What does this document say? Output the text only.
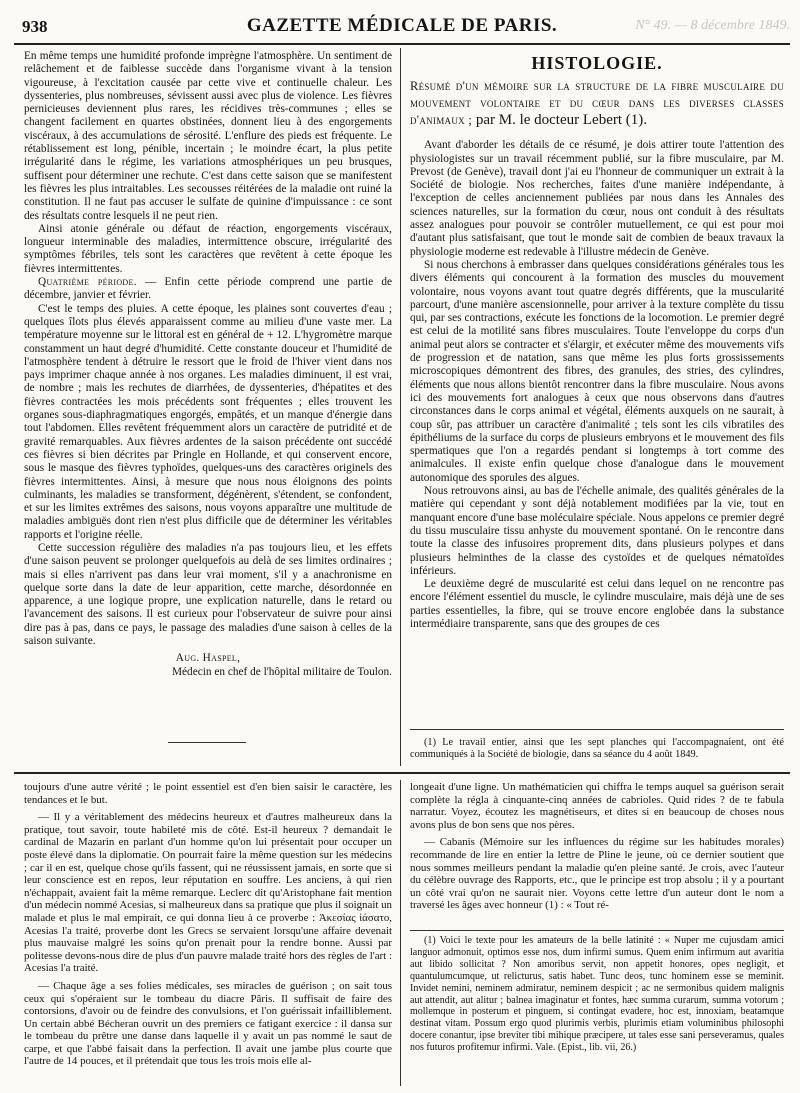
N° 49. — 8 décembre 1849.
938	GAZETTE MÉDICALE DE PARIS.

En même temps une humidité profonde imprègne l'atmosphère. Un sentiment de relâchement et de faiblesse succède dans l'organisme vivant à la tension vigoureuse, à l'excitation causée par cette vive et continuelle chaleur. Les dyssenteries, plus nombreuses, sévissent aussi avec plus de violence. Les fièvres pernicieuses deviennent plus rares, les récidives très-communes ; elles se changent facilement en quartes obstinées, donnent lieu à des engorgements viscéraux, à des accumulations de sérosité. L'enflure des pieds est fréquente. Le rétablissement est long, pénible, incertain ; le moindre écart, la plus petite irrégularité dans le régime, les variations atmosphériques un peu brusques, suffisent pour déterminer une rechute. C'est dans cette saison que se manifestent les fièvres les plus intraitables. Les secousses réitérées de la maladie ont ruiné la constitution. Il ne faut pas accuser le sulfate de quinine d'impuissance : ce sont des résultats contre lesquels il ne peut rien.

Ainsi atonie générale ou défaut de réaction, engorgements viscéraux, longueur interminable des maladies, intermittence obscure, irrégularité des symptômes fébriles, tels sont les caractères que revêtent à cette époque les fièvres intermittentes.

Quatrième période. — Enfin cette période comprend une partie de décembre, janvier et février.

C'est le temps des pluies. A cette époque, les plaines sont couvertes d'eau ; quelques îlots plus élevés apparaissent comme au milieu d'une vaste mer. La température moyenne sur le littoral est en général de + 12. L'hygromètre marque constamment un haut degré d'humidité. Cette constante douceur et l'humidité de l'atmosphère tendent à détruire le ressort que le froid de l'hiver vient dans nos pays imprimer chaque année à nos organes. Les maladies diminuent, il est vrai, de nombre ; mais les rechutes de diarrhées, de dyssenteries, d'hépatites et des fièvres contractées les mois précédents sont fréquentes ; elles trouvent les organes sous-diaphragmatiques engorgés, empâtés, et un manque d'énergie dans tout l'abdomen. Elles revêtent fréquemment alors un caractère de putridité et de gravité remarquables. Aux fièvres ardentes de la saison précédente ont succédé ces fièvres si bien décrites par Pringle en Hollande, et qui conservent encore, sous le masque des fièvres typhoïdes, quelques-uns des caractères originels des fièvres intermittentes. Ainsi, à mesure que nous nous éloignons des points culminants, les maladies se transforment, dégénèrent, s'étendent, se confondent, et sur les limites extrêmes des saisons, nous voyons apparaître une multitude de maladies ambiguës dont rien n'est plus difficile que de déterminer les véritables rapports et l'origine réelle.

Cette succession régulière des maladies n'a pas toujours lieu, et les effets d'une saison peuvent se prolonger quelquefois au delà de ses limites ordinaires ; mais si elles n'arrivent pas dans leur vrai moment, s'il y a anachronisme en quelque sorte dans la date de leur apparition, cette marche, désordonnée en apparence, a une logique propre, une explication naturelle, dans le retard ou l'avancement des saisons. Il est curieux pour l'observateur de suivre pour ainsi dire pas à pas, dans ce pays, le passage des maladies d'une saison à celles de la saison suivante.

Aug. Haspel,

Médecin en chef de l'hôpital militaire de Toulon.

HISTOLOGIE.

Résumé d'un mémoire sur la structure de la fibre musculaire du mouvement volontaire et du cœur dans les diverses classes d'animaux ; par M. le docteur Lebert (1).

Avant d'aborder les détails de ce résumé, je dois attirer toute l'attention des physiologistes sur un travail récemment publié, sur la fibre musculaire, par M. Prevost (de Genève), travail dont j'ai eu l'honneur de communiquer un extrait à la Société de biologie. Nos recherches, faites d'une manière indépendante, à l'exception de celles anciennement publiées par nous dans les Annales des sciences naturelles, sur la formation du cœur, nous ont conduit à des résultats assez analogues pour pouvoir se contrôler mutuellement, ce qui est pour moi d'autant plus satisfaisant, que tout le monde sait de combien de beaux travaux la physiologie moderne est redevable à l'illustre médecin de Genève.

Si nous cherchons à embrasser dans quelques considérations générales tous les divers éléments qui concourent à la formation des muscles du mouvement volontaire, nous voyons avant tout quatre degrés différents, que la muscularité parcourt, d'une manière ascensionnelle, pour arriver à la texture complète du tissu qui, par ses contractions, exécute les fonctions de la locomotion. Le premier degré est celui de la motilité sans fibres musculaires. Toute l'enveloppe du corps d'un animal peut alors se contracter et s'élargir, et exécuter même des mouvements vifs de progression et de natation, sans que même les plus forts grossissements microscopiques démontrent des fibres, des granules, des stries, des cylindres, éléments que nous allons bientôt rencontrer dans la fibre musculaire. Nous avons ici des mouvements fort analogues à ceux que nous observons dans d'autres circonstances dans le corps animal et végétal, éléments auxquels on ne saurait, à coup sûr, pas attribuer un caractère d'animalité ; tels sont les cils vibratiles des épithéliums de la surface du corps de plusieurs embryons et le mouvement des fils spermatiques que l'on a regardés pendant si longtemps à tort comme des animalcules. Il existe enfin quelque chose d'analogue dans le mouvement autonomique des sporules des algues.

Nous retrouvons ainsi, au bas de l'échelle animale, des qualités générales de la matière qui cependant y sont déjà notablement modifiées par la vie, tout en manquant encore d'une base moléculaire spéciale. Nous appelons ce premier degré du tissu musculaire tissu anhyste du mouvement spontané. On le rencontre dans toute la classe des infusoires proprement dits, dans plusieurs polypes et dans plusieurs helminthes de la classe des cystoïdes et de quelques nématoïdes inférieurs.

Le deuxième degré de muscularité est celui dans lequel on ne rencontre pas encore l'élément essentiel du muscle, le cylindre musculaire, mais déjà une de ses parties essentielles, la fibre, qui se trouve encore englobée dans la substance intermédiaire transparente, sans que des groupes de ces

(1) Le travail entier, ainsi que les sept planches qui l'accompagnaient, ont été communiqués à la Société de biologie, dans sa séance du 4 août 1849.

toujours d'une autre vérité ; le point essentiel est d'en bien saisir le caractère, les tendances et le but.

— Il y a véritablement des médecins heureux et d'autres malheureux dans la pratique, tout savoir, toute habileté mis de côté. Est-il heureux ? demandait le cardinal de Mazarin en parlant d'un homme qu'on lui présentait pour occuper un poste élevé dans la diplomatie. On pourrait faire la même question sur les médecins ; car il en est, quelque chose qu'ils fassent, qui ne réussissent jamais, en sorte que si leur conscience est en repos, leur réputation en souffre. Les anciens, à qui rien n'échappait, avaient fait la même remarque. Leclerc dit qu'Aristophane fait mention d'un médecin nommé Acesias, si malheureux dans sa pratique que plus il soignait un malade et plus le mal empirait, ce qui donna lieu à ce proverbe : Ἀκεσίας ἰάσατο, Acesias l'a traité, proverbe dont les Grecs se servaient lorsqu'une affaire devenait plus mauvaise malgré les soins qu'on prenait pour la rendre bonne. Aussi par politesse devons-nous dire de plus d'un pauvre malade traité hors des règles de l'art : Acesias l'a traité.

— Chaque âge a ses folies médicales, ses miracles de guérison ; on sait tous ceux qui s'opéraient sur le tombeau du diacre Pâris. Il suffisait de faire des contorsions, d'avoir ou de feindre des convulsions, et l'on guérissait infailliblement. Un certain abbé Bécheran ouvrit un des premiers ce fatigant exercice : il dansa sur le tombeau du prêtre une danse dans laquelle il y avait un pas nommé le saut de carpe, et que l'abbé faisait dans la perfection. Il avait une jambe plus courte que l'autre de 14 pouces, et il prétendait que tous les trois mois elle al-

longeait d'une ligne. Un mathématicien qui chiffra le temps auquel sa guérison serait complète la régla à cinquante-cinq années de cabrioles. Quid rides ? de te fabula narratur. Voyez, écoutez les magnétiseurs, et dites si en beaucoup de choses nous avons plus de bon sens que nos pères.

— Cabanis (Mémoire sur les influences du régime sur les habitudes morales) recommande de lire en entier la lettre de Pline le jeune, où ce dernier soutient que nous sommes meilleurs pendant la maladie qu'en pleine santé. Je crois, avec l'auteur du célèbre ouvrage des Rapports, etc., que le principe est trop absolu ; il y a pourtant un côté vrai qu'on ne saurait nier. Voyons cette lettre d'un auteur dont le nom a traversé les âges avec honneur (1) : « Tout ré-

(1) Voici le texte pour les amateurs de la belle latinité : « Nuper me cujusdam amici languor admonuit, optimos esse nos, dum infirmi sumus. Quem enim infirmum aut avaritia aut libido sollicitat ? Non amoribus servit, non appetit honores, opes negligit, et quantulumcumque, ut relicturus, satis habet. Tunc deos, tunc hominem esse se meminit. Invidet nemini, neminem admiratur, neminem despicit ; ac ne sermonibus quidem malignis aut attendit, aut alitur ; balnea imaginatur et fontes, hæc summa curarum, summa votorum ; mollemque in posterum et pinguem, si contingat evadere, hoc est, innoxiam, beatamque destinat vitam. Possum ergo quod plurimis verbis, plurimis etiam voluminibus philosophi docere conantur, ipse breviter tibi mihique præcipere, ut tales esse sani perseveramus, quales nos futuros profitemur infirmi. Vale. (Epist., lib. vii, 26.)
